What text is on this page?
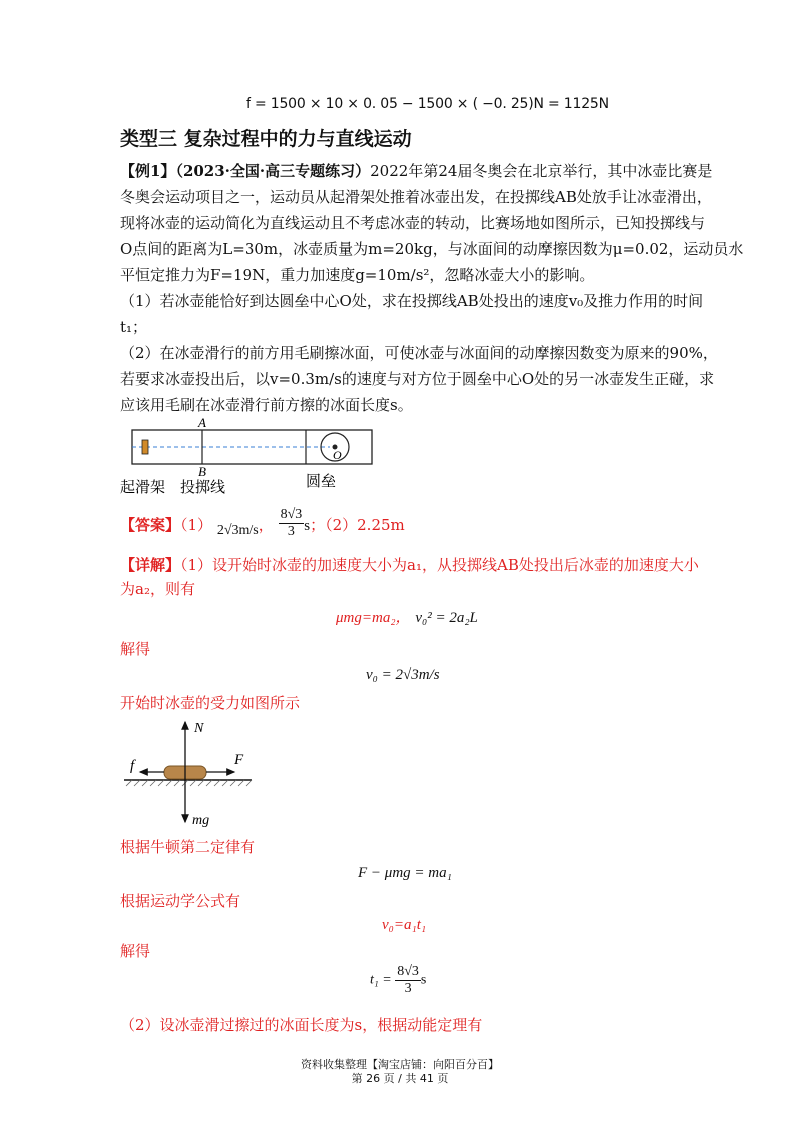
f = 1500 × 10 × 0. 05 − 1500 × ( −0. 25)N = 1125N
类型三 复杂过程中的力与直线运动
【例1】（2023·全国·高三专题练习）2022年第24届冬奥会在北京举行，其中冰壶比赛是
冬奥会运动项目之一，运动员从起滑架处推着冰壶出发，在投掷线AB处放手让冰壶滑出，
现将冰壶的运动简化为直线运动且不考虑冰壶的转动，比赛场地如图所示，已知投掷线与
O点间的距离为L=30m，冰壶质量为m=20kg，与冰面间的动摩擦因数为μ=0.02，运动员水
平恒定推力为F=19N，重力加速度g=10m/s²，忽略冰壶大小的影响。
（1）若冰壶能恰好到达圆垒中心O处，求在投掷线AB处投出的速度v₀及推力作用的时间
t₁；
（2）在冰壶滑行的前方用毛刷擦冰面，可使冰壶与冰面间的动摩擦因数变为原来的90%，
若要求冰壶投出后，以v=0.3m/s的速度与对方位于圆垒中心O处的另一冰壶发生正碰，求
应该用毛刷在冰壶滑行前方擦的冰面长度s。
A
B
O
起滑架 投掷线	圆垒
【答案】（1） 2√3m/s， $\frac{8√3}{3}$ s；（2）2.25m
【详解】（1）设开始时冰壶的加速度大小为a₁，从投掷线AB处投出后冰壶的加速度大小
为a₂，则有
μmg=ma₂， v₀² = 2a₂L
解得
v₀ = 2√3m/s
开始时冰壶的受力如图所示
N
f	F
mg
根据牛顿第二定律有
F − μmg = ma₁
根据运动学公式有
v₀=a₁t₁
解得
$t_1 = \frac{8√3}{3}$ s
（2）设冰壶滑过擦过的冰面长度为s，根据动能定理有
资料收集整理【淘宝店铺：向阳百分百】
第 26 页 / 共 41 页
